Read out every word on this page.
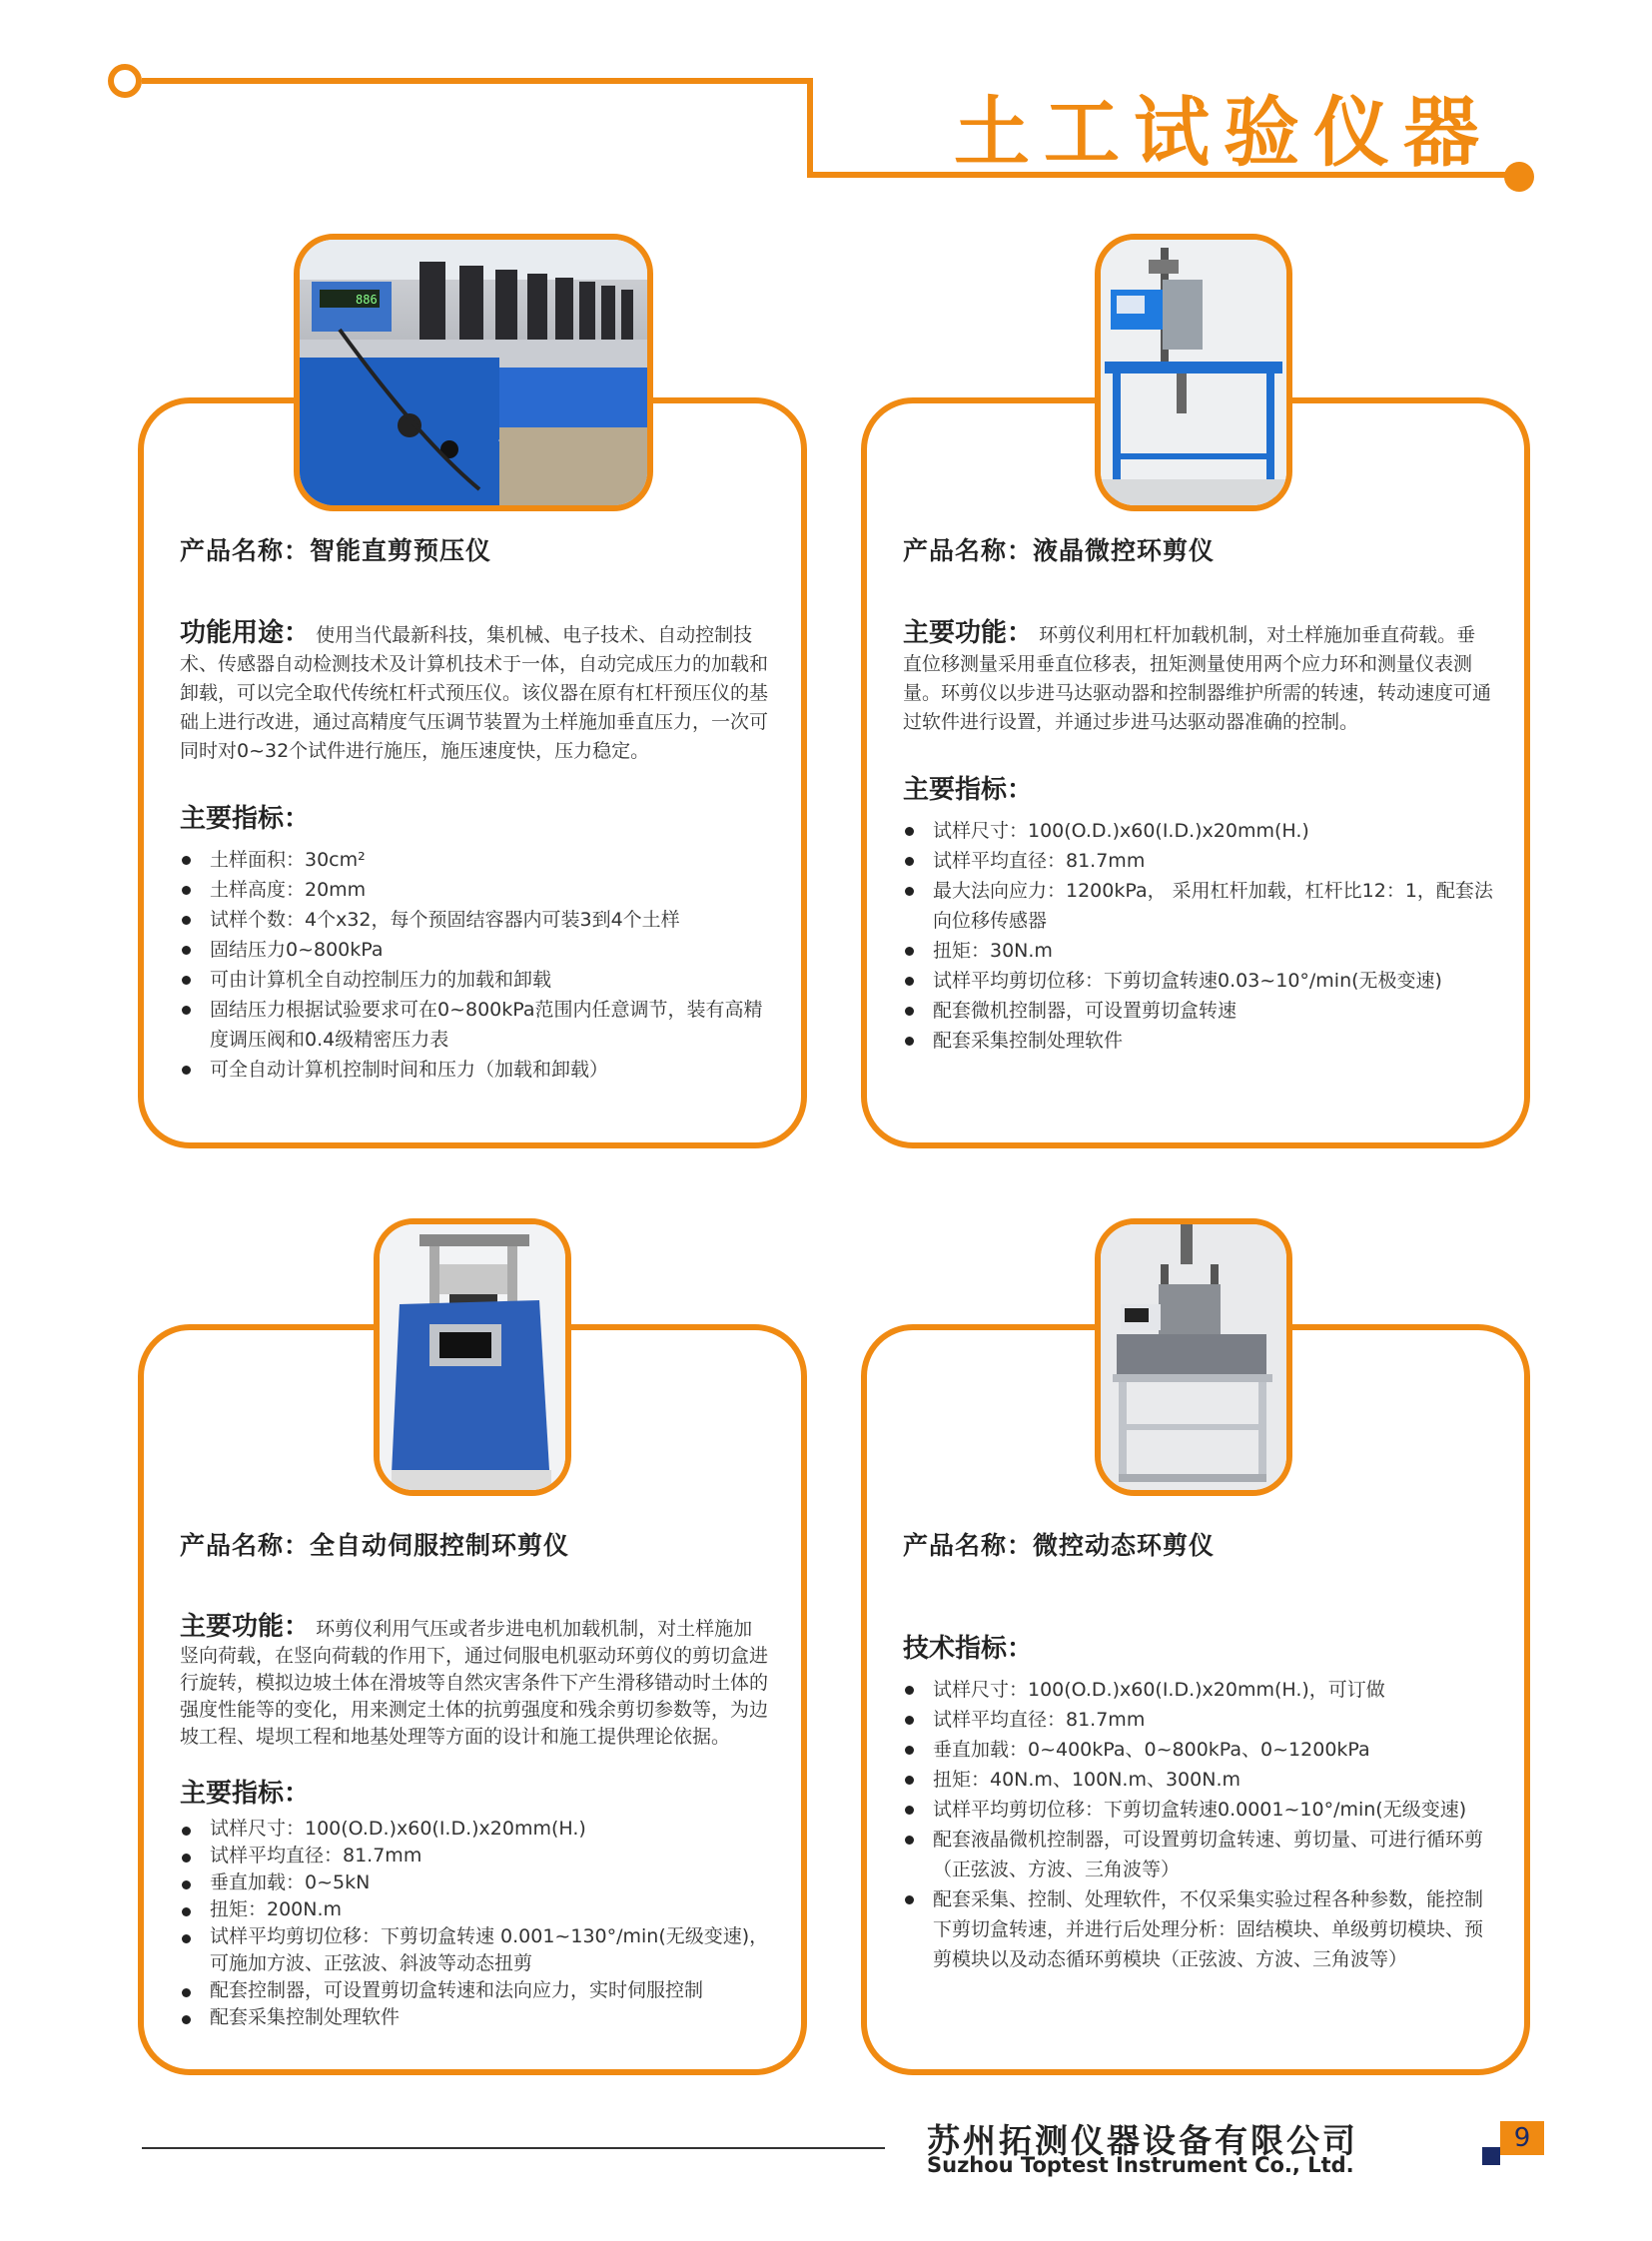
土工试验仪器
产品名称：智能直剪预压仪
功能用途： 使用当代最新科技，集机械、电子技术、自动控制技术、传感器自动检测技术及计算机技术于一体，自动完成压力的加载和卸载，可以完全取代传统杠杆式预压仪。该仪器在原有杠杆预压仪的基础上进行改进，通过高精度气压调节装置为土样施加垂直压力，一次可同时对0~32个试件进行施压，施压速度快，压力稳定。
主要指标：
土样面积：30cm²
土样高度：20mm
试样个数：4个x32，每个预固结容器内可装3到4个土样
固结压力0~800kPa
可由计算机全自动控制压力的加载和卸载
固结压力根据试验要求可在0~800kPa范围内任意调节，装有高精度调压阀和0.4级精密压力表
可全自动计算机控制时间和压力（加载和卸载）
886
产品名称：液晶微控环剪仪
主要功能： 环剪仪利用杠杆加载机制，对土样施加垂直荷载。垂直位移测量采用垂直位移表，扭矩测量使用两个应力环和测量仪表测量。环剪仪以步进马达驱动器和控制器维护所需的转速，转动速度可通过软件进行设置，并通过步进马达驱动器准确的控制。
主要指标：
试样尺寸：100(O.D.)x60(I.D.)x20mm(H.)
试样平均直径：81.7mm
最大法向应力：1200kPa， 采用杠杆加载，杠杆比12：1，配套法向位移传感器
扭矩：30N.m
试样平均剪切位移：下剪切盒转速0.03~10°/min(无极变速)
配套微机控制器，可设置剪切盒转速
配套采集控制处理软件
产品名称：全自动伺服控制环剪仪
主要功能： 环剪仪利用气压或者步进电机加载机制，对土样施加竖向荷载，在竖向荷载的作用下，通过伺服电机驱动环剪仪的剪切盒进行旋转，模拟边坡土体在滑坡等自然灾害条件下产生滑移错动时土体的强度性能等的变化，用来测定土体的抗剪强度和残余剪切参数等，为边坡工程、堤坝工程和地基处理等方面的设计和施工提供理论依据。
主要指标：
试样尺寸：100(O.D.)x60(I.D.)x20mm(H.)
试样平均直径：81.7mm
垂直加载：0~5kN
扭矩：200N.m
试样平均剪切位移：下剪切盒转速 0.001~130°/min(无级变速)，可施加方波、正弦波、斜波等动态扭剪
配套控制器，可设置剪切盒转速和法向应力，实时伺服控制
配套采集控制处理软件
产品名称：微控动态环剪仪
技术指标：
试样尺寸：100(O.D.)x60(I.D.)x20mm(H.)，可订做
试样平均直径：81.7mm
垂直加载：0~400kPa、0~800kPa、0~1200kPa
扭矩：40N.m、100N.m、300N.m
试样平均剪切位移：下剪切盒转速0.0001~10°/min(无级变速)
配套液晶微机控制器，可设置剪切盒转速、剪切量、可进行循环剪（正弦波、方波、三角波等）
配套采集、控制、处理软件，不仅采集实验过程各种参数，能控制下剪切盒转速，并进行后处理分析：固结模块、单级剪切模块、预剪模块以及动态循环剪模块（正弦波、方波、三角波等）
苏州拓测仪器设备有限公司
Suzhou Toptest Instrument Co., Ltd.
9
